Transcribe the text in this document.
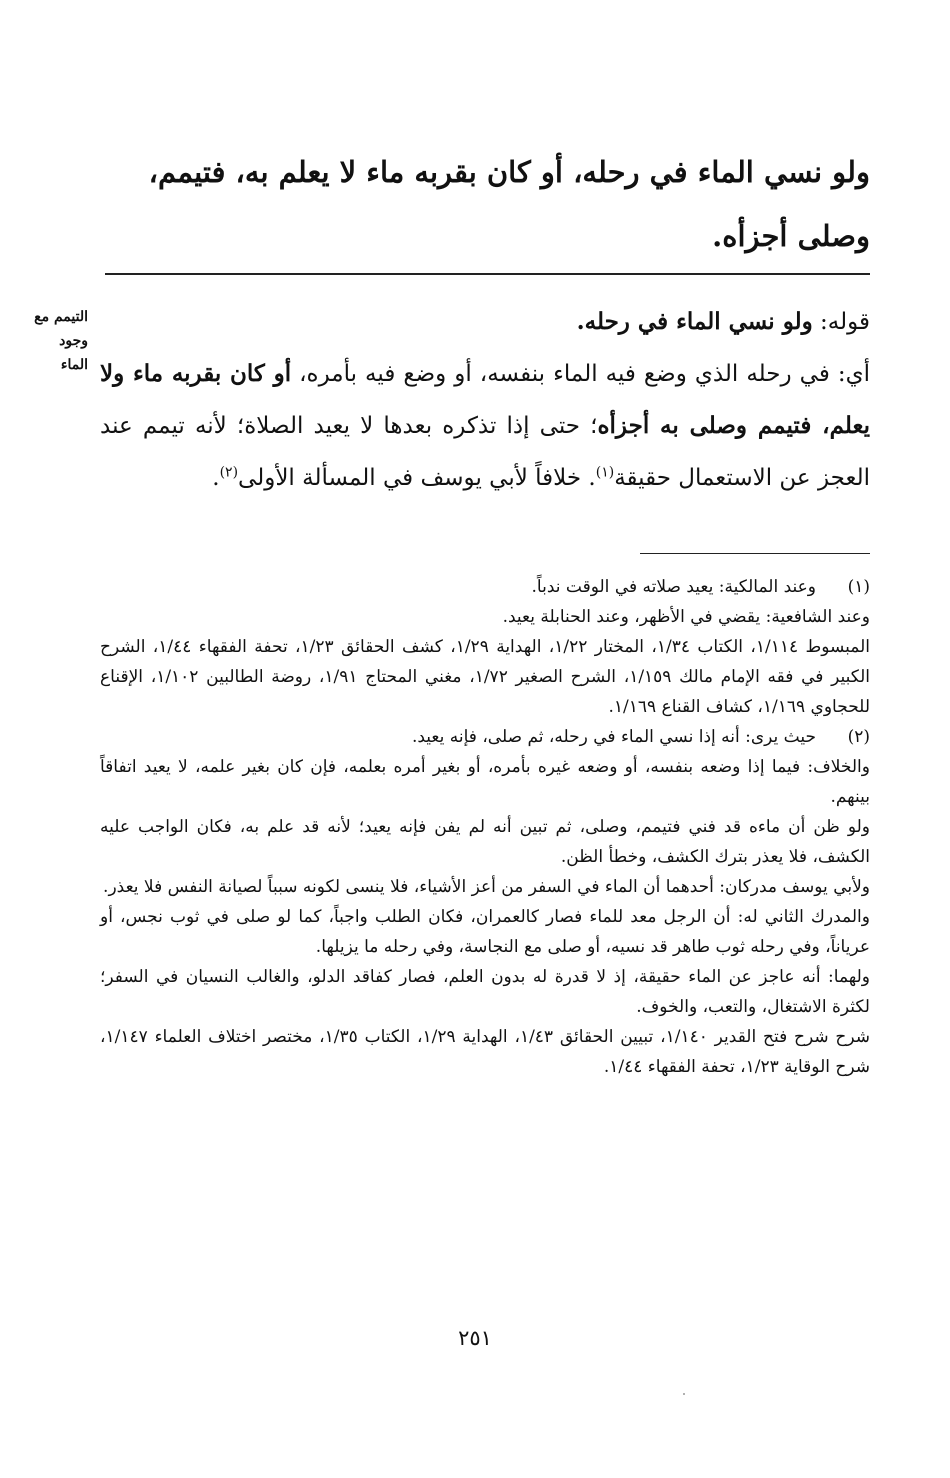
ولو نسي الماء في رحله، أو كان بقربه ماء لا يعلم به، فتيمم،
وصلى أجزأه.
التيمم مع
وجود
الماء

قوله: ولو نسي الماء في رحله.

أي: في رحله الذي وضع فيه الماء بنفسه، أو وضع فيه بأمره، أو كان بقربه ماء ولا يعلم، فتيمم وصلى به أجزأه؛ حتى إذا تذكره بعدها لا يعيد الصلاة؛ لأنه تيمم عند العجز عن الاستعمال حقيقة$^{(١)}$. خلافاً لأبي يوسف في المسألة الأولى$^{(٢)}$.

(١)
وعند المالكية: يعيد صلاته في الوقت ندباً.
وعند الشافعية: يقضي في الأظهر، وعند الحنابلة يعيد.
المبسوط ١/١١٤، الكتاب ١/٣٤، المختار ١/٢٢، الهداية ١/٢٩، كشف الحقائق ١/٢٣، تحفة الفقهاء ١/٤٤، الشرح الكبير في فقه الإمام مالك ١/١٥٩، الشرح الصغير ١/٧٢، مغني المحتاج ١/٩١، روضة الطالبين ١/١٠٢، الإقناع للحجاوي ١/١٦٩، كشاف القناع ١/١٦٩.
(٢)
حيث يرى: أنه إذا نسي الماء في رحله، ثم صلى، فإنه يعيد.
والخلاف: فيما إذا وضعه بنفسه، أو وضعه غيره بأمره، أو بغير أمره بعلمه، فإن كان بغير علمه، لا يعيد اتفاقاً بينهم.
ولو ظن أن ماءه قد فني فتيمم، وصلى، ثم تبين أنه لم يفن فإنه يعيد؛ لأنه قد علم به، فكان الواجب عليه الكشف، فلا يعذر بترك الكشف، وخطأ الظن.
ولأبي يوسف مدركان: أحدهما أن الماء في السفر من أعز الأشياء، فلا ينسى لكونه سبباً لصيانة النفس فلا يعذر.
والمدرك الثاني له: أن الرجل معد للماء فصار كالعمران، فكان الطلب واجباً، كما لو صلى في ثوب نجس، أو عرياناً، وفي رحله ثوب طاهر قد نسيه، أو صلى مع النجاسة، وفي رحله ما يزيلها.
ولهما: أنه عاجز عن الماء حقيقة، إذ لا قدرة له بدون العلم، فصار كفاقد الدلو، والغالب النسيان في السفر؛ لكثرة الاشتغال، والتعب، والخوف.
شرح شرح فتح القدير ١/١٤٠، تبيين الحقائق ١/٤٣، الهداية ١/٢٩، الكتاب ١/٣٥، مختصر اختلاف العلماء ١/١٤٧، شرح الوقاية ١/٢٣، تحفة الفقهاء ١/٤٤.
٢٥١
